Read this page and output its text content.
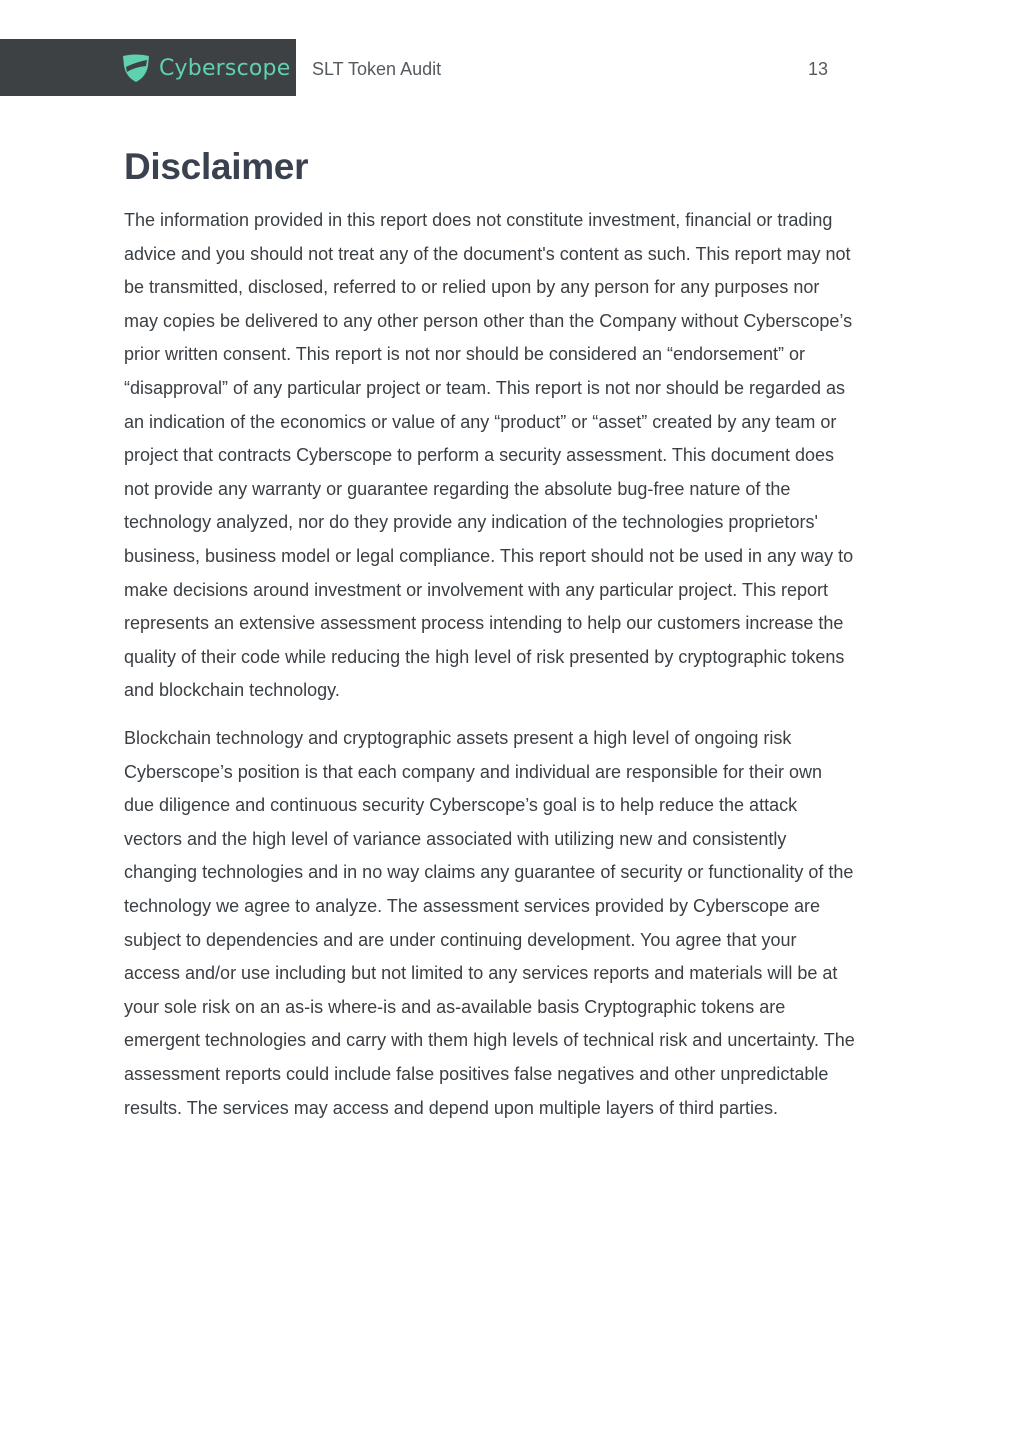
Cyberscope SLT Token Audit	13
Disclaimer

The information provided in this report does not constitute investment, financial or trading
advice and you should not treat any of the document's content as such. This report may not
be transmitted, disclosed, referred to or relied upon by any person for any purposes nor
may copies be delivered to any other person other than the Company without Cyberscope’s
prior written consent. This report is not nor should be considered an “endorsement” or
“disapproval” of any particular project or team. This report is not nor should be regarded as
an indication of the economics or value of any “product” or “asset” created by any team or
project that contracts Cyberscope to perform a security assessment. This document does
not provide any warranty or guarantee regarding the absolute bug-free nature of the
technology analyzed, nor do they provide any indication of the technologies proprietors'
business, business model or legal compliance. This report should not be used in any way to
make decisions around investment or involvement with any particular project. This report
represents an extensive assessment process intending to help our customers increase the
quality of their code while reducing the high level of risk presented by cryptographic tokens
and blockchain technology.

Blockchain technology and cryptographic assets present a high level of ongoing risk
Cyberscope’s position is that each company and individual are responsible for their own
due diligence and continuous security Cyberscope’s goal is to help reduce the attack
vectors and the high level of variance associated with utilizing new and consistently
changing technologies and in no way claims any guarantee of security or functionality of the
technology we agree to analyze. The assessment services provided by Cyberscope are
subject to dependencies and are under continuing development. You agree that your
access and/or use including but not limited to any services reports and materials will be at
your sole risk on an as-is where-is and as-available basis Cryptographic tokens are
emergent technologies and carry with them high levels of technical risk and uncertainty. The
assessment reports could include false positives false negatives and other unpredictable
results. The services may access and depend upon multiple layers of third parties.
